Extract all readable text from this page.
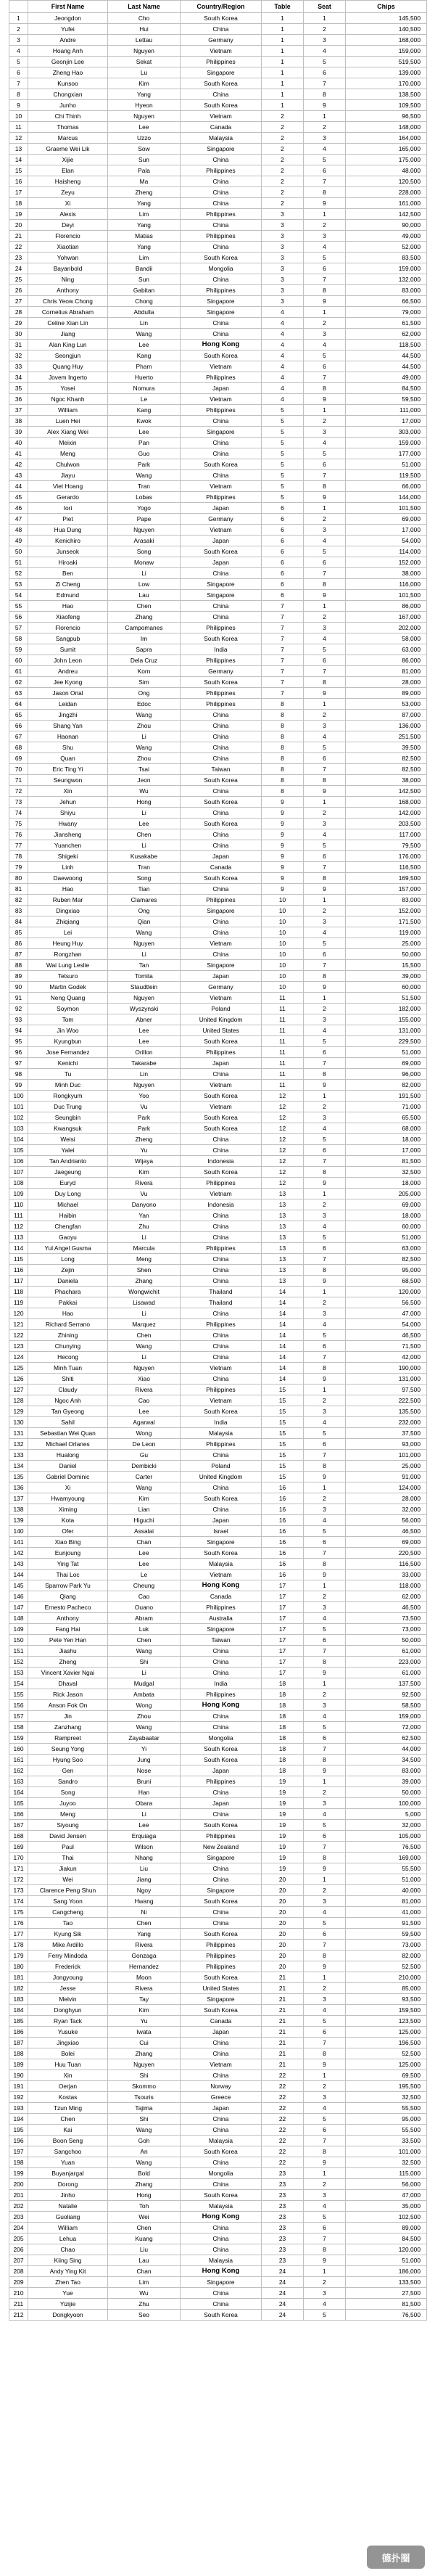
	First Name	Last Name	Country/Region	Table	Seat	Chips
1	Jeongdon	Cho	South Korea	1	1	145,500
2	Yufei	Hui	China	1	2	140,500
3	Andre	Lettau	Germany	1	3	168,000
4	Hoang Anh	Nguyen	Vietnam	1	4	159,000
5	Geonjin Lee	Sekat	Philippines	1	5	519,500
6	Zheng Hao	Lu	Singapore	1	6	139,000
7	Kunsoo	Kim	South Korea	1	7	170,000
8	Chongxian	Yang	China	1	8	138,500
9	Junho	Hyeon	South Korea	1	9	109,500
10	Chi Thinh	Nguyen	Vietnam	2	1	96,500
11	Thomas	Lee	Canada	2	2	148,000
12	Marcus	Uzzo	Malaysia	2	3	164,000
13	Graeme Wei Lik	Sow	Singapore	2	4	165,000
14	Xijie	Sun	China	2	5	175,000
15	Elan	Pala	Philippines	2	6	48,000
16	Haisheng	Ma	China	2	7	120,500
17	Zeyu	Zheng	China	2	8	228,000
18	Xi	Yang	China	2	9	161,000
19	Alexis	Lim	Philippines	3	1	142,500
20	Deyi	Yang	China	3	2	90,000
21	Florencio	Matias	Philippines	3	3	49,000
22	Xiaotian	Yang	China	3	4	52,000
23	Yohwan	Lim	South Korea	3	5	83,500
24	Bayanbold	Bandii	Mongolia	3	6	159,000
25	Ning	Sun	China	3	7	132,000
26	Anthony	Gabitan	Philippines	3	8	83,000
27	Chris Yeow Chong	Chong	Singapore	3	9	66,500
28	Cornelius Abraham	Abdulla	Singapore	4	1	79,000
29	Celine Xian Lin	Lin	China	4	2	61,500
30	Jiang	Wang	China	4	3	62,000
31	Alan King Lun	Lee	Hong Kong	4	4	118,500
32	Seongjun	Kang	South Korea	4	5	44,500
33	Quang Huy	Pham	Vietnam	4	6	44,500
34	Jovem Ingerto	Huerto	Philippines	4	7	49,000
35	Yosei	Nomura	Japan	4	8	84,500
36	Ngoc Khanh	Le	Vietnam	4	9	59,500
37	William	Kang	Philippines	5	1	111,000
38	Luen Hei	Kwok	China	5	2	17,000
39	Alex Xiang Wei	Lee	Singapore	5	3	303,000
40	Meixin	Pan	China	5	4	159,000
41	Meng	Guo	China	5	5	177,000
42	Chulwon	Park	South Korea	5	6	51,000
43	Jiayu	Wang	China	5	7	119,500
44	Viet Hoang	Tran	Vietnam	5	8	66,000
45	Gerardo	Lobas	Philippines	5	9	144,000
46	Iori	Yogo	Japan	6	1	101,500
47	Piet	Pape	Germany	6	2	69,000
48	Hua Dung	Nguyen	Vietnam	6	3	17,000
49	Kenichiro	Arasaki	Japan	6	4	54,000
50	Junseok	Song	South Korea	6	5	114,000
51	Hiroaki	Monaw	Japan	6	6	152,000
52	Ben	Li	China	6	7	38,000
53	Zi Cheng	Low	Singapore	6	8	116,000
54	Edmund	Lau	Singapore	6	9	101,500
55	Hao	Chen	China	7	1	86,000
56	Xiaofeng	Zhang	China	7	2	167,000
57	Florencio	Campomanes	Philippines	7	3	202,000
58	Sangpub	Im	South Korea	7	4	58,000
59	Sumit	Sapra	India	7	5	63,000
60	John Leon	Dela Cruz	Philippines	7	6	86,000
61	Andreu	Korn	Germany	7	7	81,000
62	Jee Kyong	Sim	South Korea	7	8	28,000
63	Jason Orial	Ong	Philippines	7	9	89,000
64	Leidan	Edoc	Philippines	8	1	53,000
65	Jingzhi	Wang	China	8	2	87,000
66	Shang Yan	Zhou	China	8	3	136,000
67	Haonan	Li	China	8	4	251,500
68	Shu	Wang	China	8	5	39,500
69	Quan	Zhou	China	8	6	82,500
70	Eric Ting Yi	Tsai	Taiwan	8	7	82,500
71	Seungwon	Jeon	South Korea	8	8	38,000
72	Xin	Wu	China	8	9	142,500
73	Jehun	Hong	South Korea	9	1	168,000
74	Shiyu	Li	China	9	2	142,000
75	Hwany	Lee	South Korea	9	3	203,500
76	Jiansheng	Chen	China	9	4	117,000
77	Yuanchen	Li	China	9	5	79,500
78	Shigeki	Kusakabe	Japan	9	6	176,000
79	Linh	Tran	Canada	9	7	116,500
80	Daewoong	Song	South Korea	9	8	169,500
81	Hao	Tian	China	9	9	157,000
82	Ruben Mar	Clamares	Philippines	10	1	83,000
83	Dingxiao	Ong	Singapore	10	2	152,000
84	Zhiqiang	Qian	China	10	3	171,500
85	Lei	Wang	China	10	4	119,000
86	Heung Huy	Nguyen	Vietnam	10	5	25,000
87	Rongzhan	Li	China	10	6	50,000
88	Wai Lung Leslie	Tan	Singapore	10	7	15,500
89	Tetsuro	Tomita	Japan	10	8	39,000
90	Martin Godek	Staudtlein	Germany	10	9	60,000
91	Neng Quang	Nguyen	Vietnam	11	1	51,500
92	Soymon	Wyszynski	Poland	11	2	182,000
93	Tom	Abner	United Kingdom	11	3	155,000
94	Jin Woo	Lee	United States	11	4	131,000
95	Kyungbun	Lee	South Korea	11	5	229,500
96	Jose Fernandez	Orillon	Philippines	11	6	51,000
97	Kenichi	Takarabe	Japan	11	7	69,000
98	Tu	Lin	China	11	8	96,000
99	Minh Duc	Nguyen	Vietnam	11	9	82,000
100	Rongkyum	Yoo	South Korea	12	1	191,500
101	Duc Trung	Vu	Vietnam	12	2	71,000
102	Seungbin	Park	South Korea	12	3	65,500
103	Kwangsuk	Park	South Korea	12	4	68,000
104	Weisi	Zheng	China	12	5	18,000
105	Yalei	Yu	China	12	6	17,000
106	Tan Andrianto	Wijaya	Indonesia	12	7	81,500
107	Jaegeung	Kim	South Korea	12	8	32,500
108	Euryd	Rivera	Philippines	12	9	18,000
109	Duy Long	Vu	Vietnam	13	1	205,000
110	Michael	Danyono	Indonesia	13	2	69,000
111	Haibin	Yan	China	13	3	18,000
112	Chengfan	Zhu	China	13	4	60,000
113	Gaoyu	Li	China	13	5	51,000
114	Yul Angel Gusma	Marcula	Philippines	13	6	63,000
115	Long	Meng	China	13	7	82,500
116	Zejin	Shen	China	13	8	95,000
117	Daniela	Zhang	China	13	9	68,500
118	Phachara	Wongwichit	Thailand	14	1	120,000
119	Pakkai	Lisawad	Thailand	14	2	56,500
120	Hao	Li	China	14	3	47,000
121	Richard Serrano	Marquez	Philippines	14	4	54,000
122	Zhining	Chen	China	14	5	46,500
123	Chunying	Wang	China	14	6	71,500
124	Hecong	Li	China	14	7	42,000
125	Minh Tuan	Nguyen	Vietnam	14	8	190,000
126	Shiti	Xiao	China	14	9	131,000
127	Claudy	Rivera	Philippines	15	1	97,500
128	Ngoc Anh	Cao	Vietnam	15	2	222,500
129	Tan Gyeong	Lee	South Korea	15	3	135,500
130	Sahil	Agarwal	India	15	4	232,000
131	Sebastian Wei Quan	Wong	Malaysia	15	5	37,500
132	Michael Orlanes	De Leon	Philippines	15	6	93,000
133	Hualong	Gu	China	15	7	101,000
134	Daniel	Dembicki	Poland	15	8	25,000
135	Gabriel Dominic	Carter	United Kingdom	15	9	91,000
136	Xi	Wang	China	16	1	124,000
137	Hwamyoung	Kim	South Korea	16	2	28,000
138	Ximing	Lian	China	16	3	32,000
139	Kota	Higuchi	Japan	16	4	56,000
140	Ofer	Assalai	Israel	16	5	46,500
141	Xiao Bing	Chan	Singapore	16	6	69,000
142	Eunjoung	Lee	South Korea	16	7	220,500
143	Ying Tat	Lee	Malaysia	16	8	116,500
144	Thai Loc	Le	Vietnam	16	9	33,000
145	Sparrow Park Yu	Cheung	Hong Kong	17	1	118,000
146	Qiang	Cao	Canada	17	2	62,000
147	Ernesto Pacheco	Ouano	Philippines	17	3	46,500
148	Anthony	Abram	Australia	17	4	73,500
149	Fang Hai	Luk	Singapore	17	5	73,000
150	Pete Yen Han	Chen	Taiwan	17	6	50,000
151	Jiashu	Wang	China	17	7	61,000
152	Zheng	Shi	China	17	8	223,000
153	Vincent Xavier Ngai	Li	China	17	9	61,000
154	Dhaval	Mudgal	India	18	1	137,500
155	Rick Jason	Ambata	Philippines	18	2	92,500
156	Anson Fok On	Wong	Hong Kong	18	3	58,500
157	Jin	Zhou	China	18	4	159,000
158	Zanzhang	Wang	China	18	5	72,000
159	Rampreet	Zayabaatar	Mongolia	18	6	62,500
160	Seung Yong	Yi	South Korea	18	7	44,000
161	Hyung Soo	Jung	South Korea	18	8	34,500
162	Gen	Nose	Japan	18	9	83,000
163	Sandro	Bruni	Philippines	19	1	39,000
164	Song	Han	China	19	2	50,000
165	Juyoo	Obara	Japan	19	3	100,000
166	Meng	Li	China	19	4	5,000
167	Siyoung	Lee	South Korea	19	5	32,000
168	David Jensen	Erquiaga	Philippines	19	6	105,000
169	Paul	Wilson	New Zealand	19	7	76,500
170	Thai	Nhang	Singapore	19	8	169,000
171	Jiakun	Liu	China	19	9	55,500
172	Wei	Jiang	China	20	1	51,000
173	Clarence Peng Shun	Ngoy	Singapore	20	2	40,000
174	Sang Yoon	Hwang	South Korea	20	3	81,000
175	Cangcheng	Ni	China	20	4	41,000
176	Tao	Chen	China	20	5	91,500
177	Kyung Sik	Yang	South Korea	20	6	59,500
178	Mike Ardillo	Rivera	Philippines	20	7	73,000
179	Ferry Mindoda	Gonzaga	Philippines	20	8	82,000
180	Frederick	Hernandez	Philippines	20	9	52,500
181	Jongyoung	Moon	South Korea	21	1	210,000
182	Jesse	Rivera	United States	21	2	85,000
183	Melvin	Tay	Singapore	21	3	93,500
184	Donghyun	Kim	South Korea	21	4	159,500
185	Ryan Tack	Yu	Canada	21	5	123,500
186	Yusuke	Iwata	Japan	21	6	125,000
187	Jingxiao	Cui	China	21	7	196,500
188	Bolei	Zhang	China	21	8	52,500
189	Huu Tuan	Nguyen	Vietnam	21	9	125,000
190	Xin	Shi	China	22	1	69,500
191	Oerjan	Skommo	Norway	22	2	195,500
192	Kostas	Tsouris	Greece	22	3	32,500
193	Tzun Ming	Tajima	Japan	22	4	55,500
194	Chen	Shi	China	22	5	95,000
195	Kai	Wang	China	22	6	55,500
196	Boon Seng	Goh	Malaysia	22	7	33,500
197	Sangchoo	An	South Korea	22	8	101,000
198	Yuan	Wang	China	22	9	32,500
199	Buyanjargal	Bold	Mongolia	23	1	115,000
200	Dorong	Zhang	China	23	2	56,000
201	Jinho	Hong	South Korea	23	3	47,000
202	Natalie	Toh	Malaysia	23	4	35,000
203	Guoliang	Wei	Hong Kong	23	5	102,500
204	William	Chen	China	23	6	89,000
205	Lehua	Kuang	China	23	7	84,500
206	Chao	Liu	China	23	8	120,000
207	Kiing Sing	Lau	Malaysia	23	9	51,000
208	Andy Ying Kit	Chan	Hong Kong	24	1	186,000
209	Zhen Tao	Lim	Singapore	24	2	133,500
210	Yue	Wu	China	24	3	27,500
211	Yizijie	Zhu	China	24	4	81,500
212	Dongkyoon	Seo	South Korea	24	5	76,500
德扑圈
